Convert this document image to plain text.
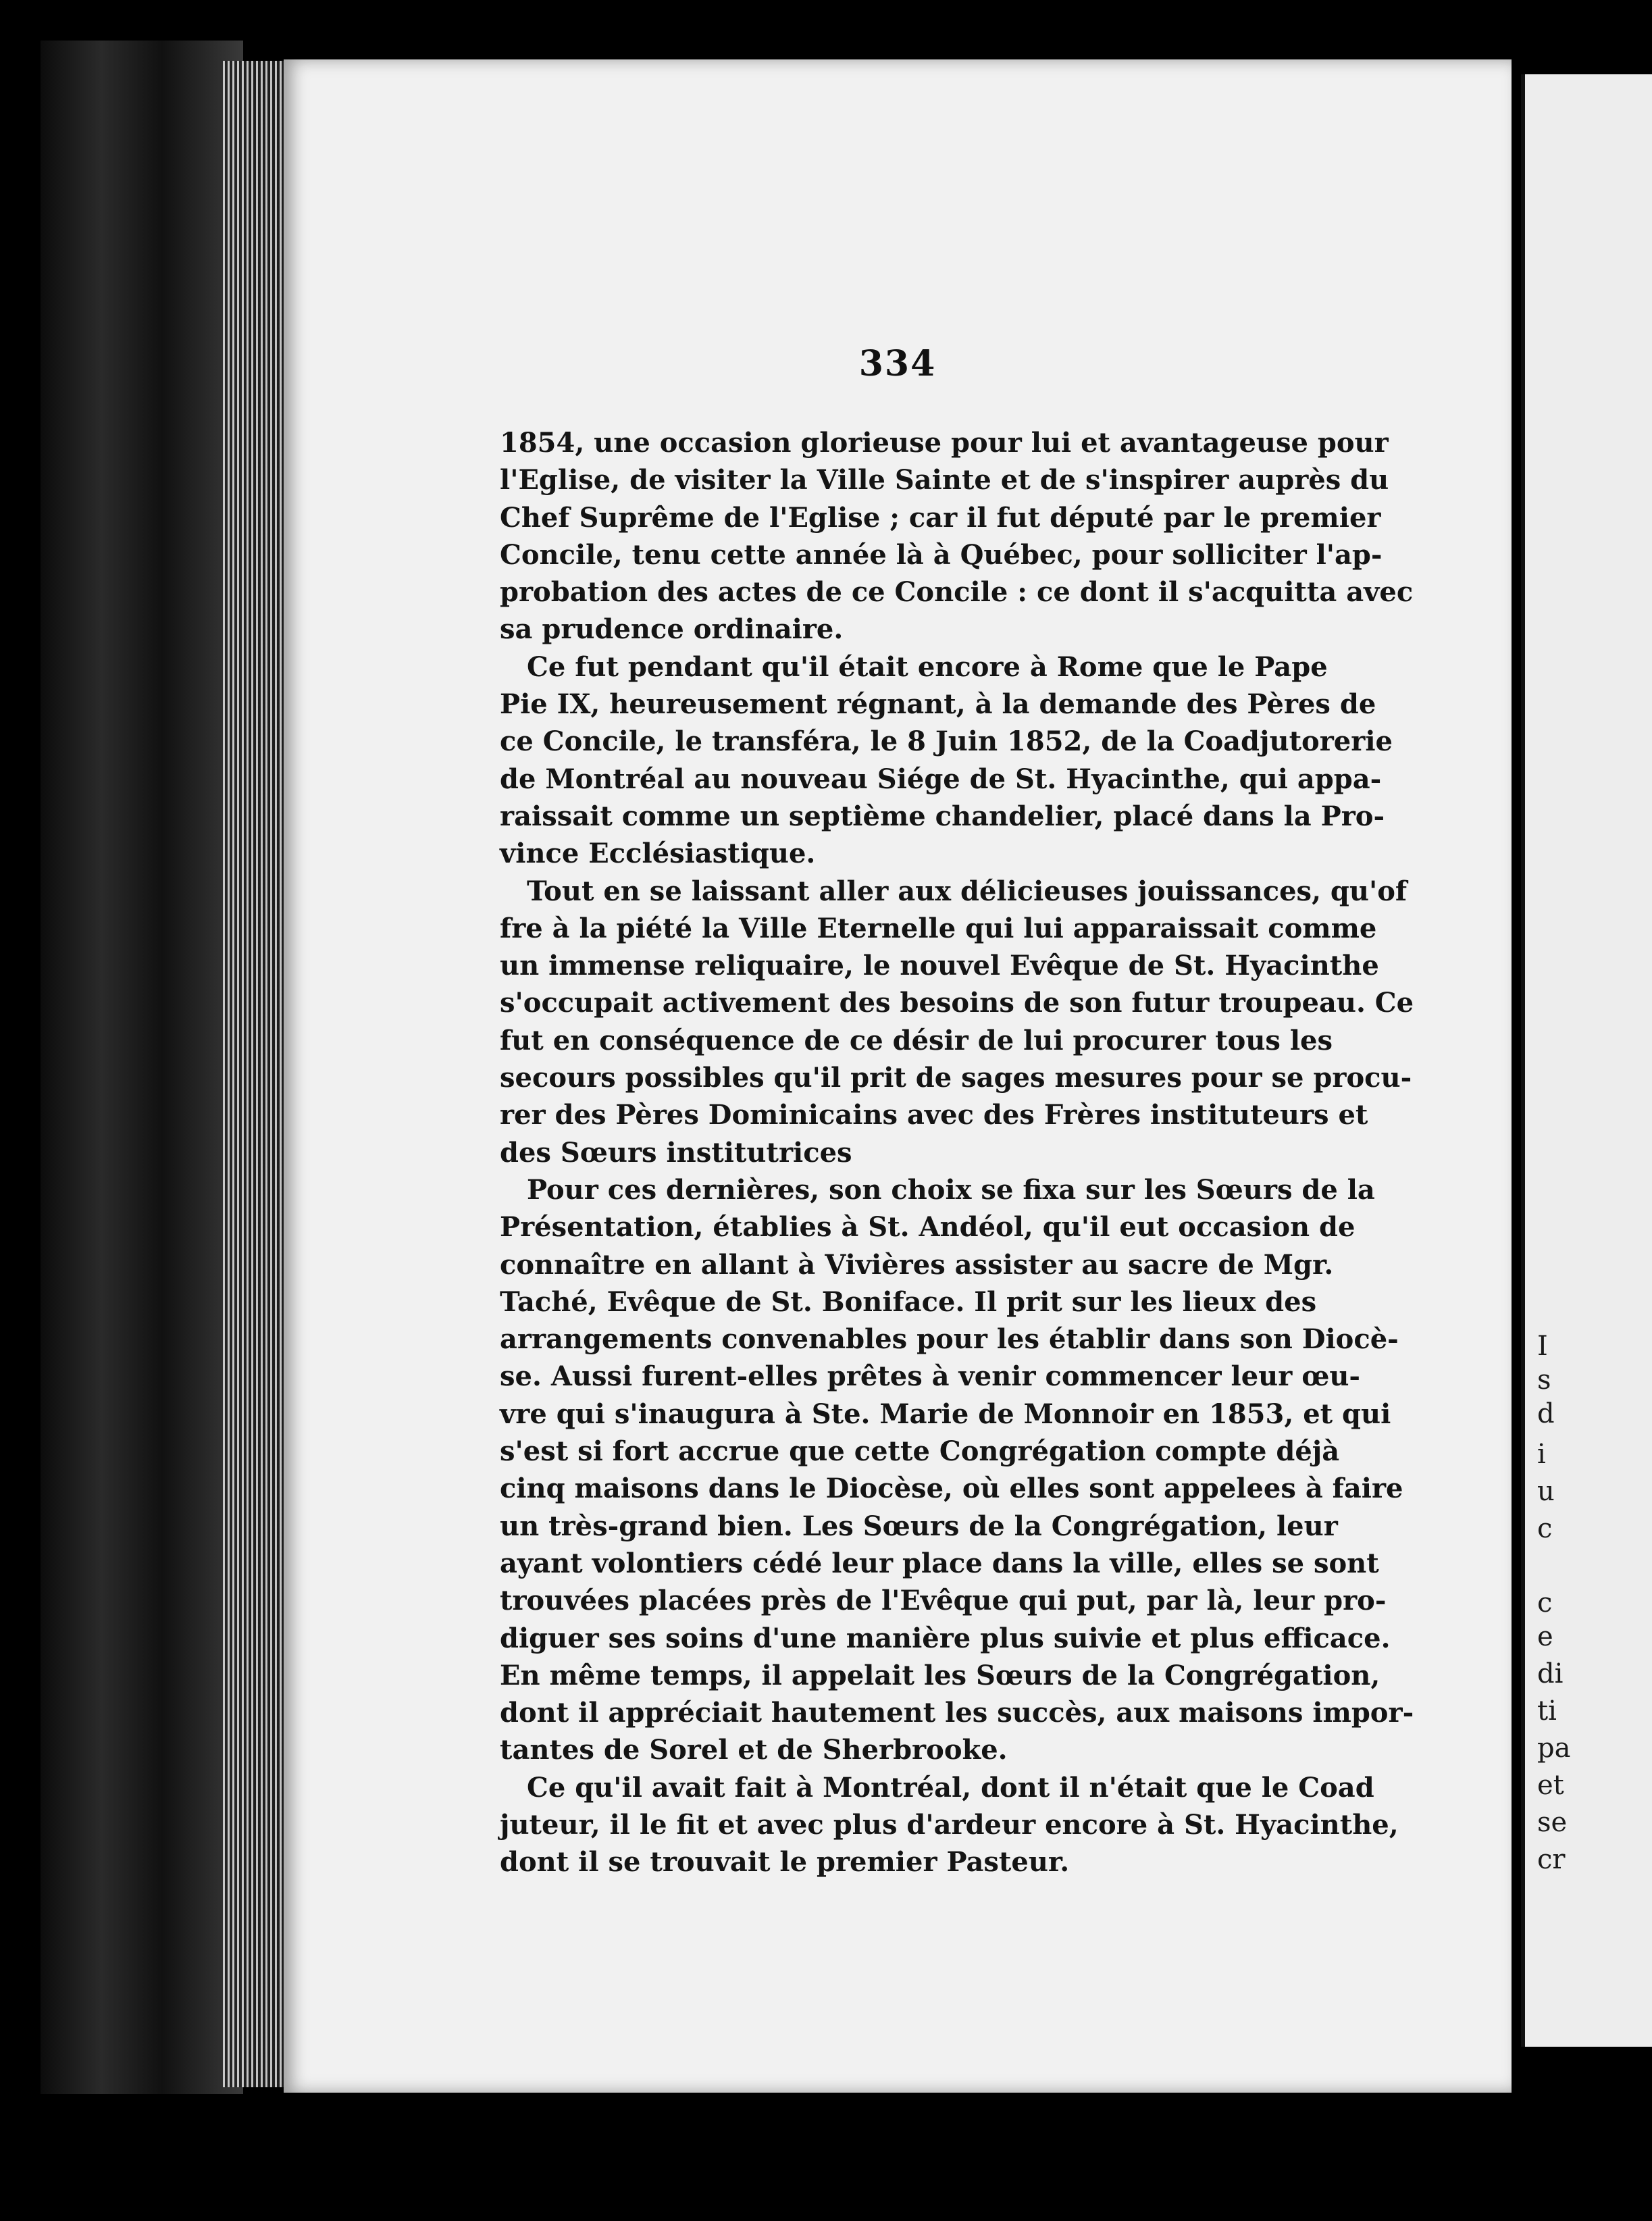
334
1854, une occasion glorieuse pour lui et avantageuse pour
l'Eglise, de visiter la Ville Sainte et de s'inspirer auprès du
Chef Suprême de l'Eglise ; car il fut député par le premier
Concile, tenu cette année là à Québec, pour solliciter l'ap-
probation des actes de ce Concile : ce dont il s'acquitta avec
sa prudence ordinaire.
Ce fut pendant qu'il était encore à Rome que le Pape
Pie IX, heureusement régnant, à la demande des Pères de
ce Concile, le transféra, le 8 Juin 1852, de la Coadjutorerie
de Montréal au nouveau Siége de St. Hyacinthe, qui appa-
raissait comme un septième chandelier, placé dans la Pro-
vince Ecclésiastique.
Tout en se laissant aller aux délicieuses jouissances, qu'of
fre à la piété la Ville Eternelle qui lui apparaissait comme
un immense reliquaire, le nouvel Evêque de St. Hyacinthe
s'occupait activement des besoins de son futur troupeau. Ce
fut en conséquence de ce désir de lui procurer tous les
secours possibles qu'il prit de sages mesures pour se procu-
rer des Pères Dominicains avec des Frères instituteurs et
des Sœurs institutrices
Pour ces dernières, son choix se fixa sur les Sœurs de la
Présentation, établies à St. Andéol, qu'il eut occasion de
connaître en allant à Vivières assister au sacre de Mgr.
Taché, Evêque de St. Boniface. Il prit sur les lieux des
arrangements convenables pour les établir dans son Diocè-
se. Aussi furent-elles prêtes à venir commencer leur œu-
vre qui s'inaugura à Ste. Marie de Monnoir en 1853, et qui
s'est si fort accrue que cette Congrégation compte déjà
cinq maisons dans le Diocèse, où elles sont appelees à faire
un très-grand bien. Les Sœurs de la Congrégation, leur
ayant volontiers cédé leur place dans la ville, elles se sont
trouvées placées près de l'Evêque qui put, par là, leur pro-
diguer ses soins d'une manière plus suivie et plus efficace.
En même temps, il appelait les Sœurs de la Congrégation,
dont il appréciait hautement les succès, aux maisons impor-
tantes de Sorel et de Sherbrooke.
Ce qu'il avait fait à Montréal, dont il n'était que le Coad
juteur, il le fit et avec plus d'ardeur encore à St. Hyacinthe,
dont il se trouvait le premier Pasteur.
I
s
d
i
u
c
c
e
di
ti
pa
et
se
cr
